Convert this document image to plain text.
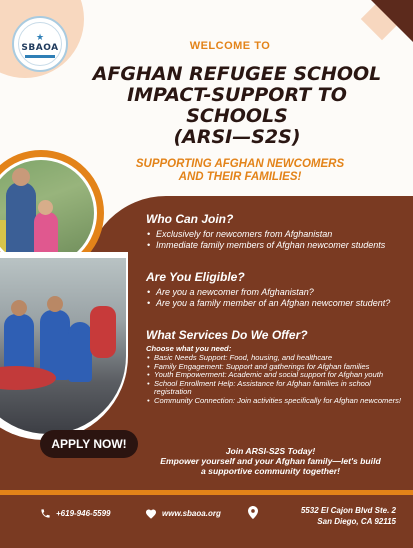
★
SBAOA	WELCOME TO
AFGHAN REFUGEE SCHOOL
IMPACT-SUPPORT TO
SCHOOLS
(ARSI—S2S)
SUPPORTING AFGHAN NEWCOMERS
AND THEIR FAMILIES!
APPLY NOW!
Who Can Join?
• Exclusively for newcomers from Afghanistan
• Immediate family members of Afghan newcomer students
Are You Eligible?
• Are you a newcomer from Afghanistan?
• Are you a family member of an Afghan newcomer student?
What Services Do We Offer?
Choose what you need:
• Basic Needs Support: Food, housing, and healthcare
• Family Engagement: Support and gatherings for Afghan families
• Youth Empowerment: Academic and social support for Afghan youth
• School Enrollment Help: Assistance for Afghan families in school registration
• Community Connection: Join activities specifically for Afghan newcomers!
Join ARSI-S2S Today!
Empower yourself and your Afghan family—let's build
a supportive community together!
+619-946-5599	www.sbaoa.org	5532 El Cajon Blvd Ste. 2
San Diego, CA 92115
